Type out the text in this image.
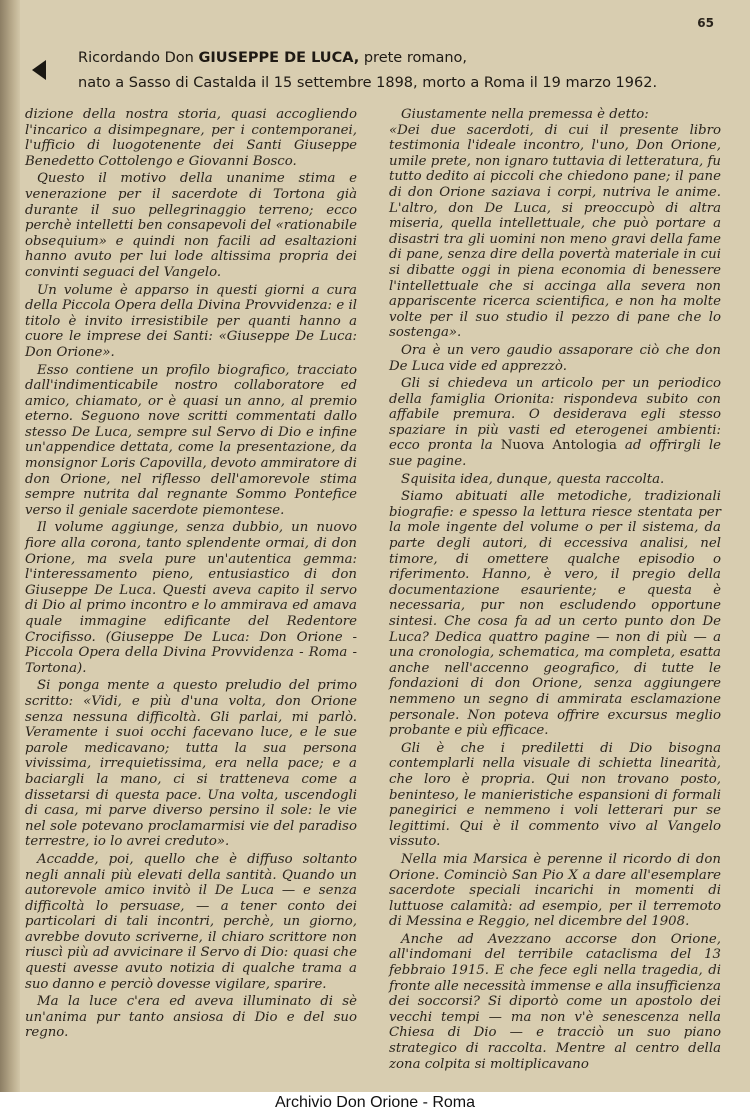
65
Ricordando Don GIUSEPPE DE LUCA, prete romano,
nato a Sasso di Castalda il 15 settembre 1898, morto a Roma il 19 marzo 1962.

dizione della nostra storia, quasi accogliendo l'incarico a disimpegnare, per i contemporanei, l'ufficio di luogotenente dei Santi Giuseppe Benedetto Cottolengo e Giovanni Bosco.

Questo il motivo della unanime stima e venerazione per il sacerdote di Tortona già durante il suo pellegrinaggio terreno; ecco perchè intelletti ben consapevoli del «rationabile obsequium» e quindi non facili ad esaltazioni hanno avuto per lui lode altissima propria dei convinti seguaci del Vangelo.

Un volume è apparso in questi giorni a cura della Piccola Opera della Divina Provvidenza: e il titolo è invito irresistibile per quanti hanno a cuore le imprese dei Santi: «Giuseppe De Luca: Don Orione».

Esso contiene un profilo biografico, tracciato dall'indimenticabile nostro collaboratore ed amico, chiamato, or è quasi un anno, al premio eterno. Seguono nove scritti commentati dallo stesso De Luca, sempre sul Servo di Dio e infine un'appendice dettata, come la presentazione, da monsignor Loris Capovilla, devoto ammiratore di don Orione, nel riflesso dell'amorevole stima sempre nutrita dal regnante Sommo Pontefice verso il geniale sacerdote piemontese.

Il volume aggiunge, senza dubbio, un nuovo fiore alla corona, tanto splendente ormai, di don Orione, ma svela pure un'autentica gemma: l'interessamento pieno, entusiastico di don Giuseppe De Luca. Questi aveva capito il servo di Dio al primo incontro e lo ammirava ed amava quale immagine edificante del Redentore Crocifisso. (Giuseppe De Luca: Don Orione - Piccola Opera della Divina Provvidenza - Roma - Tortona).

Si ponga mente a questo preludio del primo scritto: «Vidi, e più d'una volta, don Orione senza nessuna difficoltà. Gli parlai, mi parlò. Veramente i suoi occhi facevano luce, e le sue parole medicavano; tutta la sua persona vivissima, irrequietissima, era nella pace; e a baciargli la mano, ci si tratteneva come a dissetarsi di questa pace. Una volta, uscendogli di casa, mi parve diverso persino il sole: le vie nel sole potevano proclamarmisi vie del paradiso terrestre, io lo avrei creduto».

Accadde, poi, quello che è diffuso soltanto negli annali più elevati della santità. Quando un autorevole amico invitò il De Luca — e senza difficoltà lo persuase, — a tener conto dei particolari di tali incontri, perchè, un giorno, avrebbe dovuto scriverne, il chiaro scrittore non riuscì più ad avvicinare il Servo di Dio: quasi che questi avesse avuto notizia di qualche trama a suo danno e perciò dovesse vigilare, sparire.

Ma la luce c'era ed aveva illuminato di sè un'anima pur tanto ansiosa di Dio e del suo regno.

Giustamente nella premessa è detto:
«Dei due sacerdoti, di cui il presente libro testimonia l'ideale incontro, l'uno, Don Orione, umile prete, non ignaro tuttavia di letteratura, fu tutto dedito ai piccoli che chiedono pane; il pane di don Orione saziava i corpi, nutriva le anime. L'altro, don De Luca, si preoccupò di altra miseria, quella intellettuale, che può portare a disastri tra gli uomini non meno gravi della fame di pane, senza dire della povertà materiale in cui si dibatte oggi in piena economia di benessere l'intellettuale che si accinga alla severa non appariscente ricerca scientifica, e non ha molte volte per il suo studio il pezzo di pane che lo sostenga».

Ora è un vero gaudio assaporare ciò che don De Luca vide ed apprezzò.

Gli si chiedeva un articolo per un periodico della famiglia Orionita: rispondeva subito con affabile premura. O desiderava egli stesso spaziare in più vasti ed eterogenei ambienti: ecco pronta la Nuova Antologia ad offrirgli le sue pagine.

Squisita idea, dunque, questa raccolta.

Siamo abituati alle metodiche, tradizionali biografie: e spesso la lettura riesce stentata per la mole ingente del volume o per il sistema, da parte degli autori, di eccessiva analisi, nel timore, di omettere qualche episodio o riferimento. Hanno, è vero, il pregio della documentazione esauriente; e questa è necessaria, pur non escludendo opportune sintesi. Che cosa fa ad un certo punto don De Luca? Dedica quattro pagine — non di più — a una cronologia, schematica, ma completa, esatta anche nell'accenno geografico, di tutte le fondazioni di don Orione, senza aggiungere nemmeno un segno di ammirata esclamazione personale. Non poteva offrire excursus meglio probante e più efficace.

Gli è che i prediletti di Dio bisogna contemplarli nella visuale di schietta linearità, che loro è propria. Qui non trovano posto, beninteso, le manieristiche espansioni di formali panegirici e nemmeno i voli letterari pur se legittimi. Qui è il commento vivo al Vangelo vissuto.

Nella mia Marsica è perenne il ricordo di don Orione. Cominciò San Pio X a dare all'esemplare sacerdote speciali incarichi in momenti di luttuose calamità: ad esempio, per il terremoto di Messina e Reggio, nel dicembre del 1908.

Anche ad Avezzano accorse don Orione, all'indomani del terribile cataclisma del 13 febbraio 1915. E che fece egli nella tragedia, di fronte alle necessità immense e alla insufficienza dei soccorsi? Si diportò come un apostolo dei vecchi tempi — ma non v'è senescenza nella Chiesa di Dio — e tracciò un suo piano strategico di raccolta. Mentre al centro della zona colpita si moltiplicavano

Archivio Don Orione - Roma
